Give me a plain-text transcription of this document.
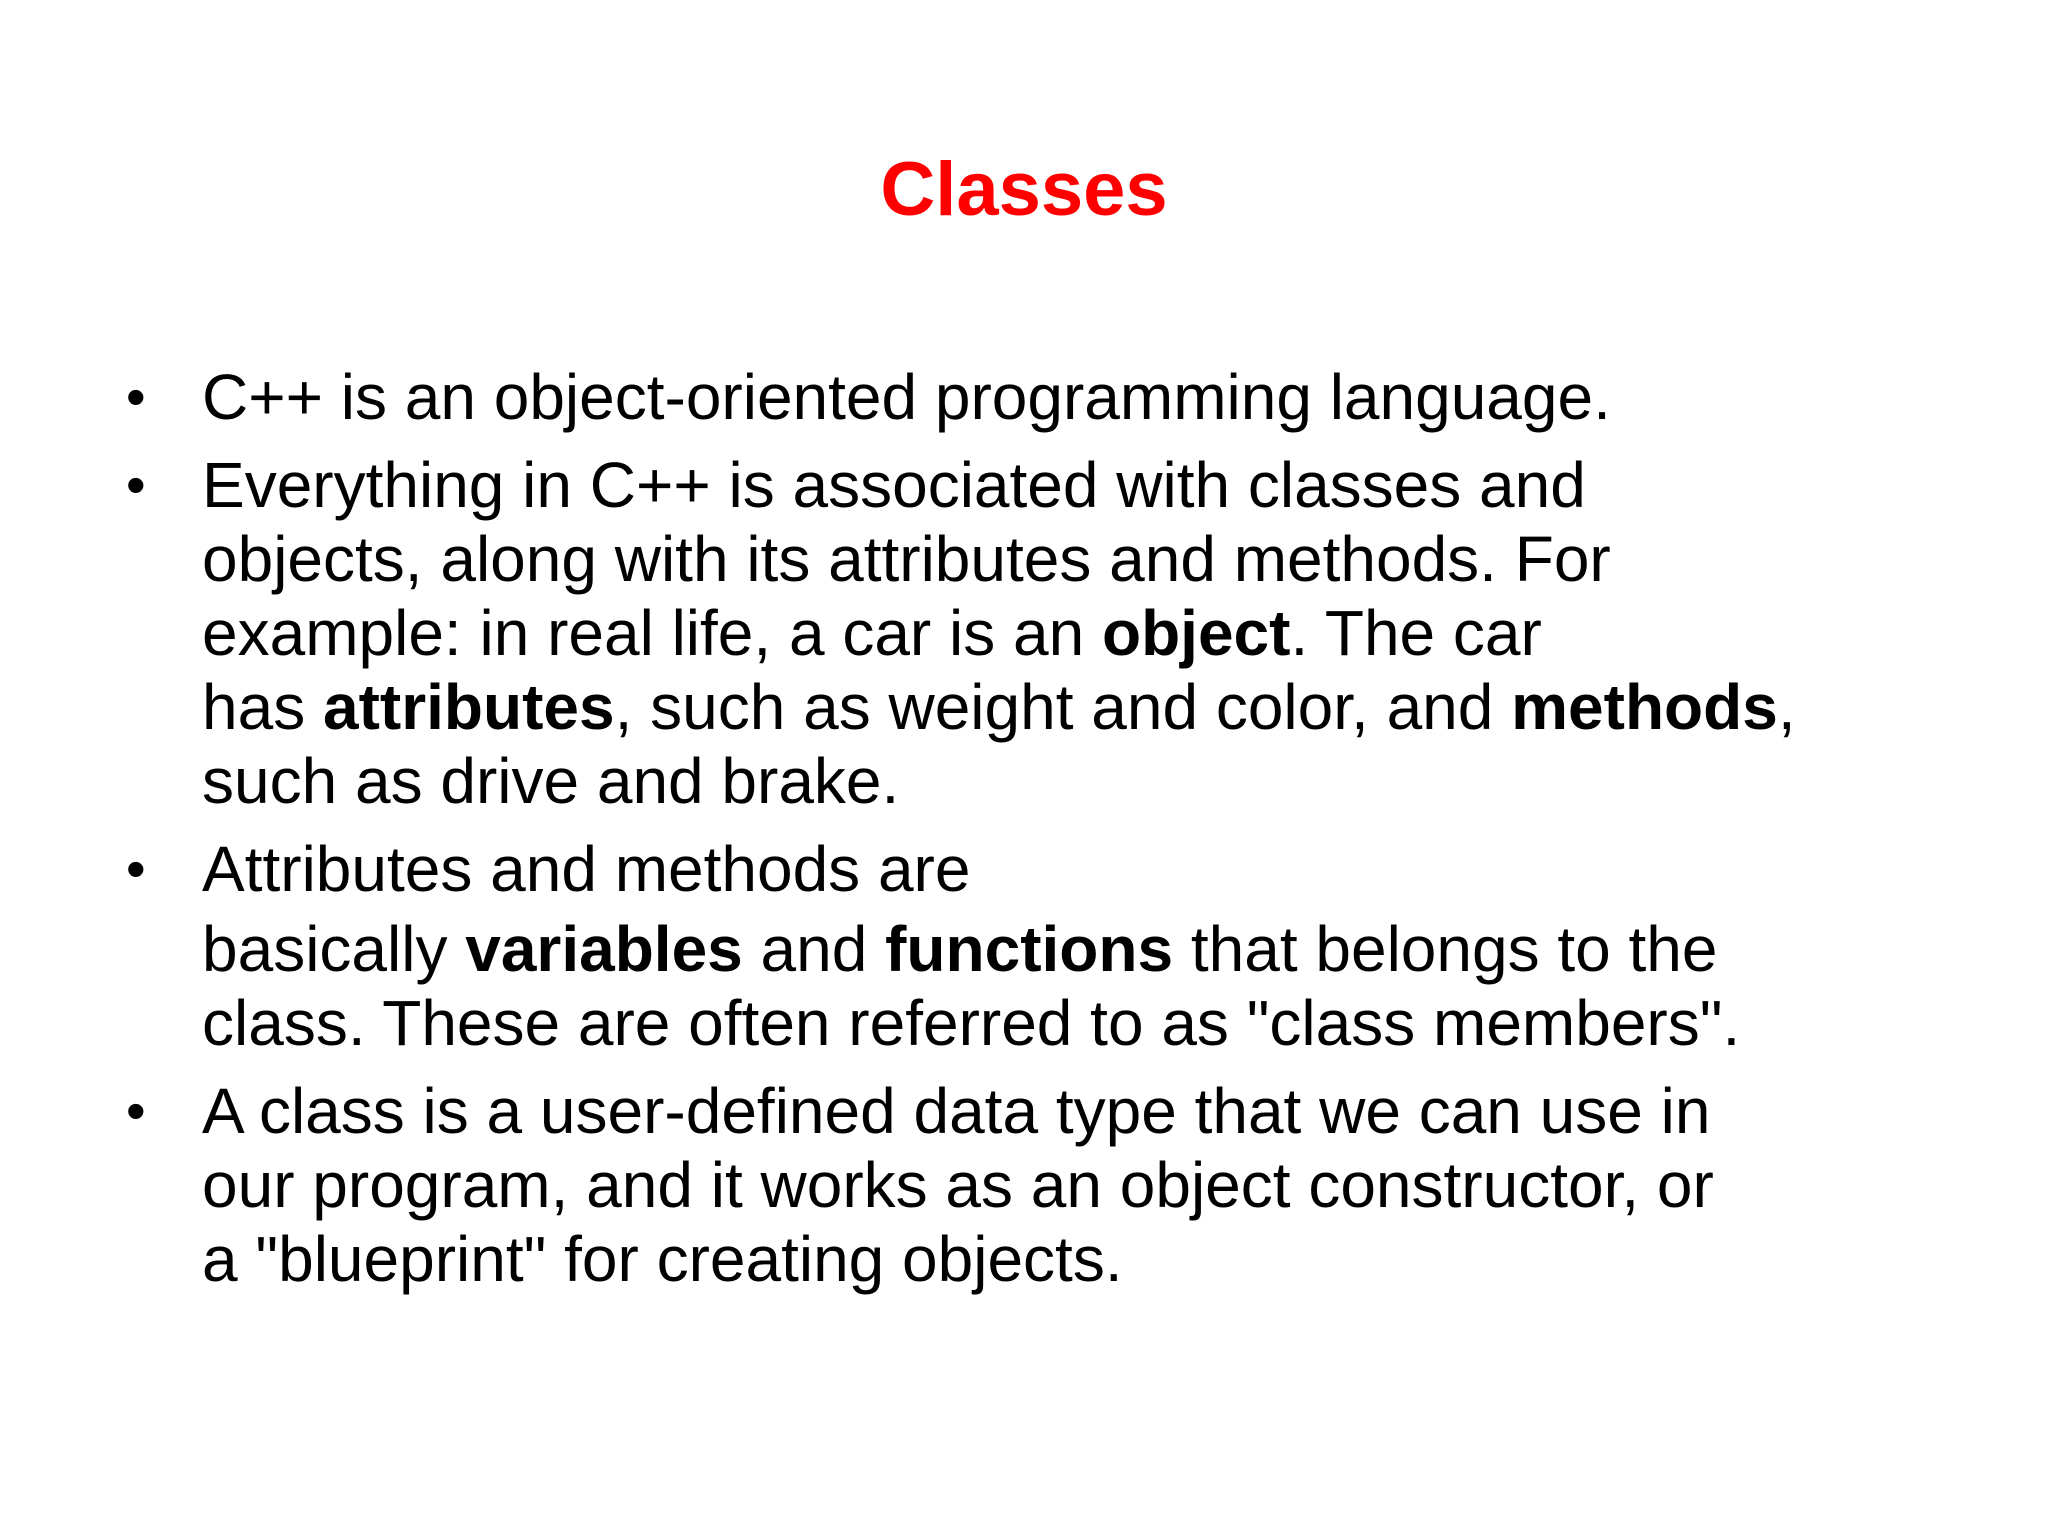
Classes
• C++ is an object-oriented programming language.
• Everything in C++ is associated with classes and
objects, along with its attributes and methods. For
example: in real life, a car is an object. The car
has attributes, such as weight and color, and methods,
such as drive and brake.
• Attributes and methods are
basically variables and functions that belongs to the
class. These are often referred to as "class members".
• A class is a user-defined data type that we can use in
our program, and it works as an object constructor, or
a "blueprint" for creating objects.
